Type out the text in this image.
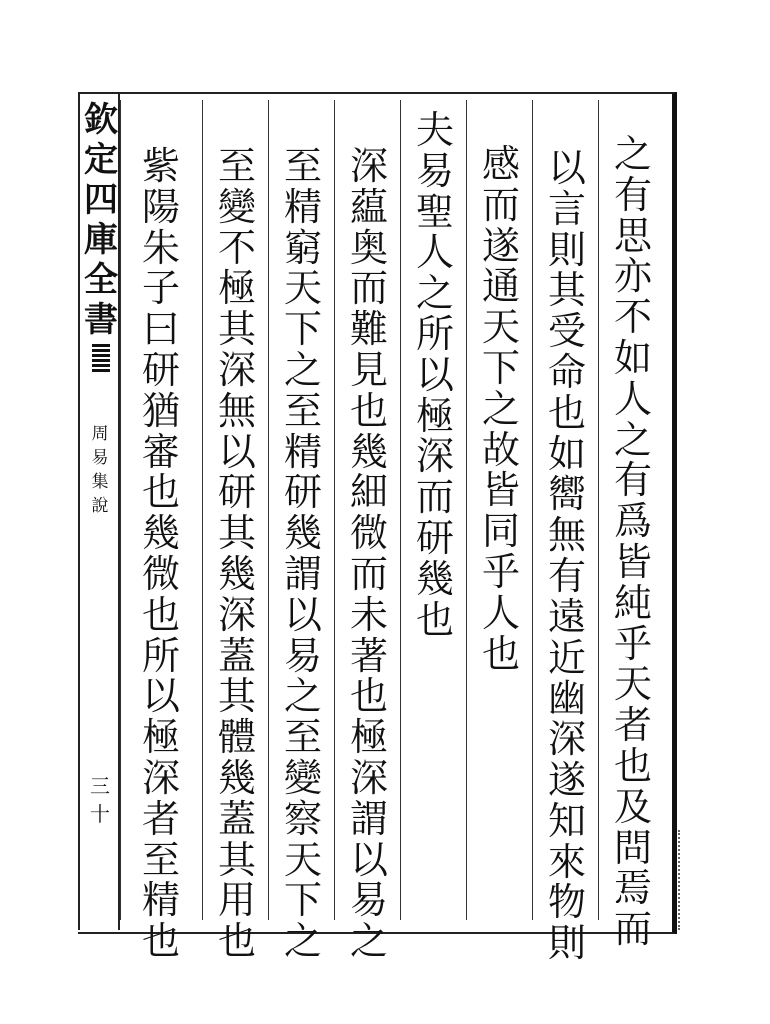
欽定四庫全書
周易集說
三十
之有思亦不如人之有爲皆純乎天者也及問焉而
以言則其受命也如嚮無有遠近幽深遂知來物則
感而遂通天下之故皆同乎人也
夫易聖人之所以極深而研幾也
深藴奥而難見也幾細微而未著也極深謂以易之
至精窮天下之至精研幾謂以易之至變察天下之
至變不極其深無以研其幾深蓋其體幾蓋其用也
紫陽朱子曰研猶審也幾微也所以極深者至精也
